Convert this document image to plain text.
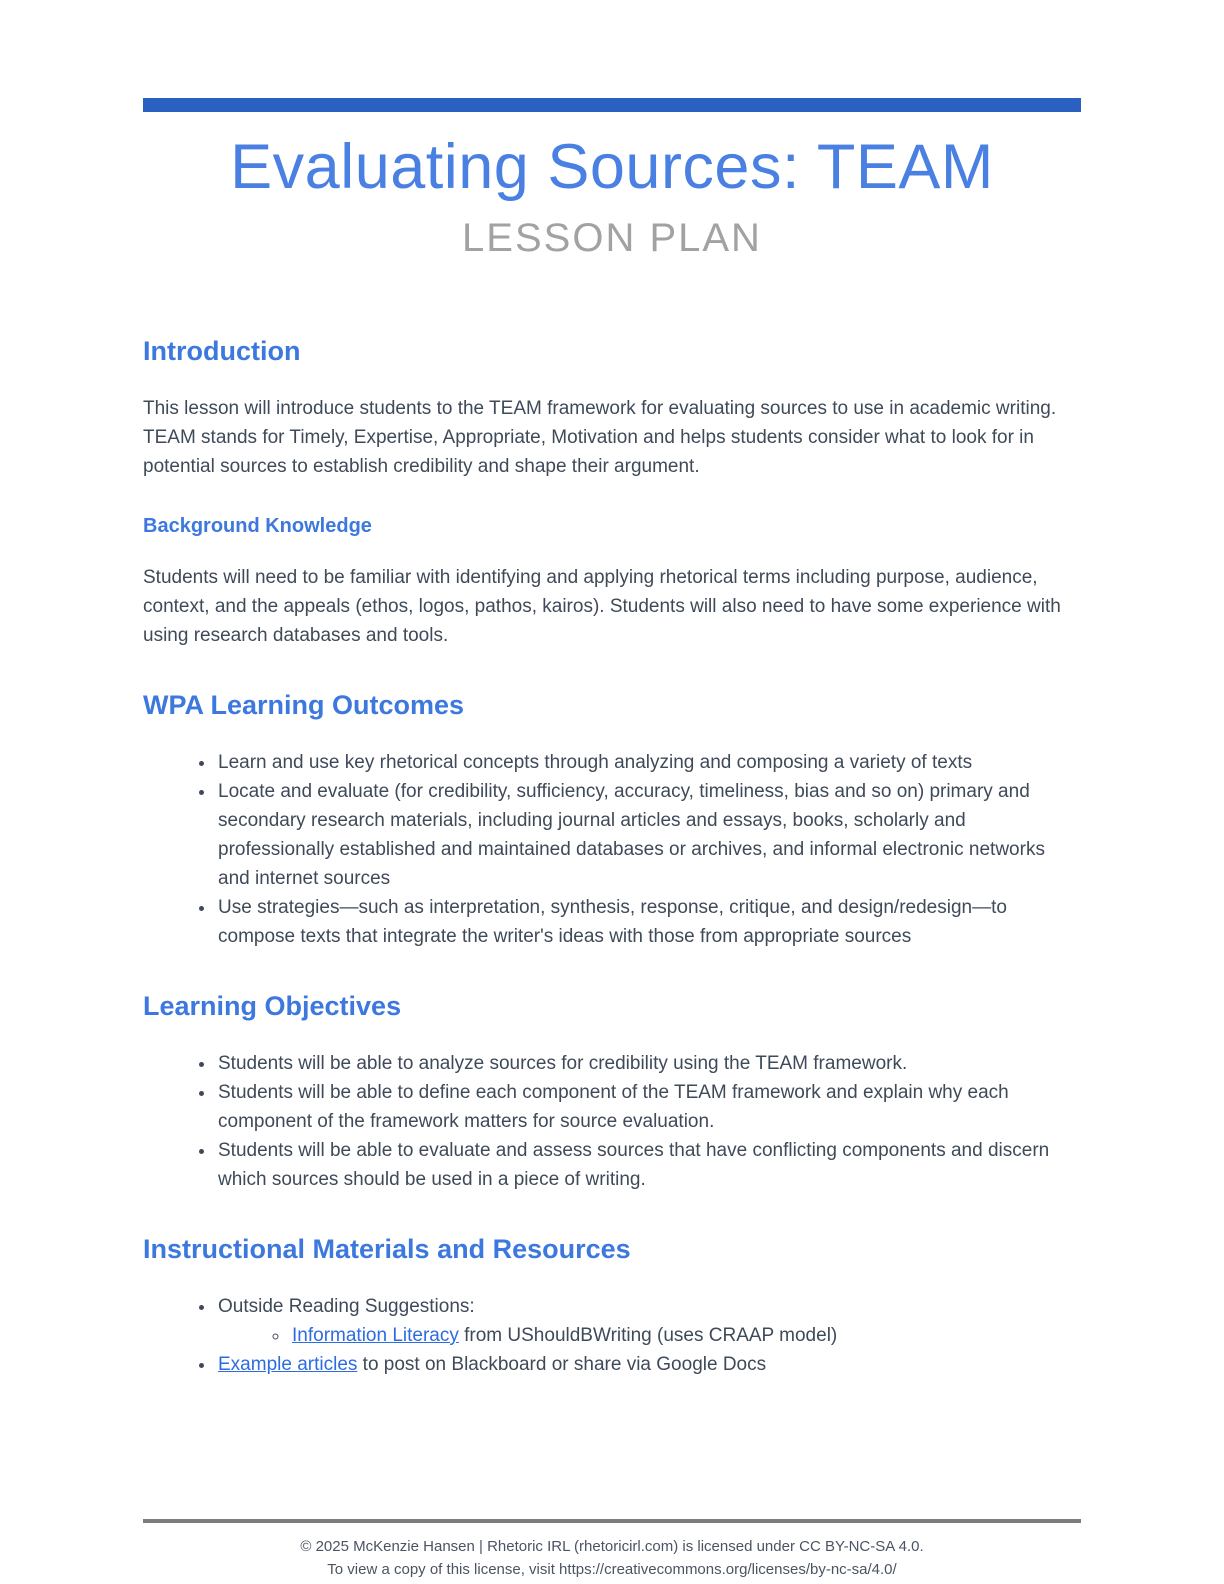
Evaluating Sources: TEAM
LESSON PLAN
Introduction

This lesson will introduce students to the TEAM framework for evaluating sources to use in academic writing. TEAM stands for Timely, Expertise, Appropriate, Motivation and helps students consider what to look for in potential sources to establish credibility and shape their argument.

Background Knowledge

Students will need to be familiar with identifying and applying rhetorical terms including purpose, audience, context, and the appeals (ethos, logos, pathos, kairos). Students will also need to have some experience with using research databases and tools.

WPA Learning Outcomes
• Learn and use key rhetorical concepts through analyzing and composing a variety of texts
• Locate and evaluate (for credibility, sufficiency, accuracy, timeliness, bias and so on) primary and secondary research materials, including journal articles and essays, books, scholarly and professionally established and maintained databases or archives, and informal electronic networks and internet sources
• Use strategies—such as interpretation, synthesis, response, critique, and design/redesign—to compose texts that integrate the writer's ideas with those from appropriate sources
Learning Objectives
• Students will be able to analyze sources for credibility using the TEAM framework.
• Students will be able to define each component of the TEAM framework and explain why each component of the framework matters for source evaluation.
• Students will be able to evaluate and assess sources that have conflicting components and discern which sources should be used in a piece of writing.
Instructional Materials and Resources
• Outside Reading Suggestions:
◦ Information Literacy from UShouldBWriting (uses CRAAP model)
• Example articles to post on Blackboard or share via Google Docs

© 2025 McKenzie Hansen | Rhetoric IRL (rhetoricirl.com) is licensed under CC BY-NC-SA 4.0.

To view a copy of this license, visit https://creativecommons.org/licenses/by-nc-sa/4.0/
